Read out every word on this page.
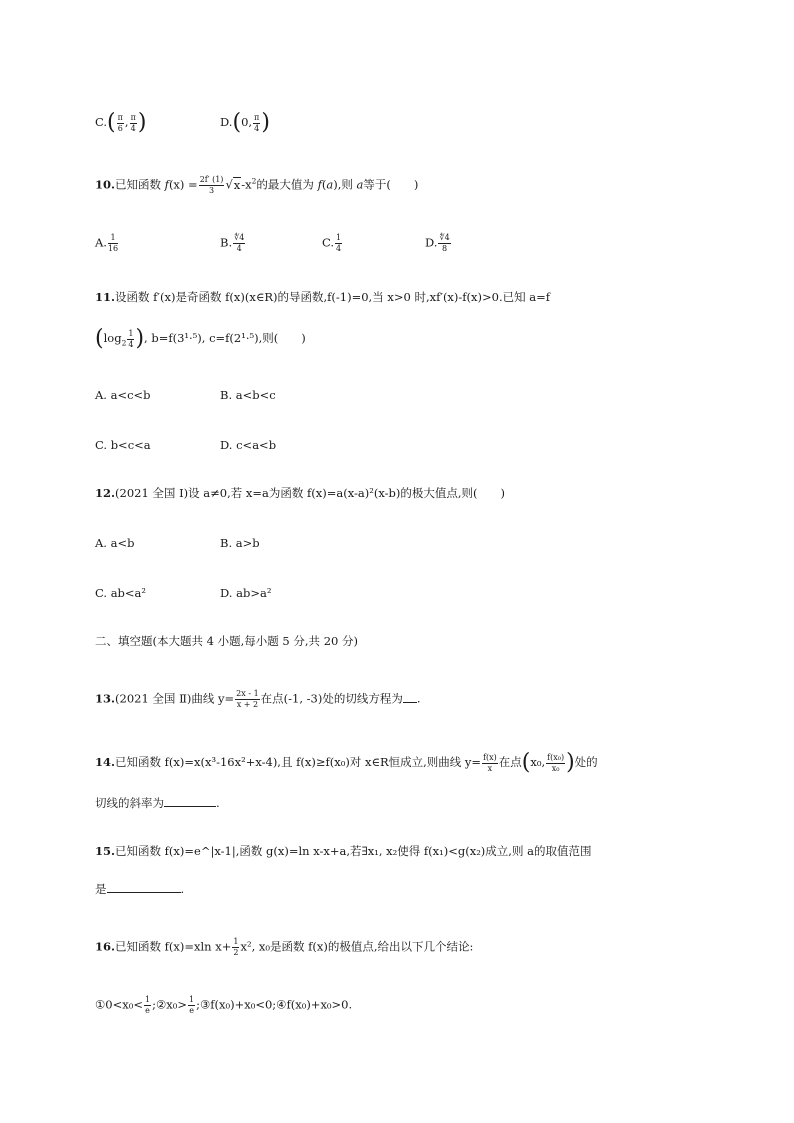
$C.( \frac{\pi}{6}$ , $\frac{\pi}{4}$ )	D.(0, $\frac{\pi}{4}$ )
10.已知函数 $f(x) = \frac{2f' (1)}{3} √x-x^2$的最大值为 f(a),则 a等于(　　)
A. $\frac{1}{16}$	B. $\frac{∜4}{4}$	C. $\frac{1}{4}$	D. $\frac{∜4}{8}$
11.设函数 f′(x)是奇函数 f(x)(x∈R)的导函数,f(-1)=0,当 x>0 时,xf′(x)-f(x)>0.已知 a=f
($\log_2 \frac{1}{4}$ ), b=f(3¹·⁵), c=f(2¹·⁵),则(　　)
A. a<c<b	B. a<b<c
C. b<c<a	D. c<a<b
12.(2021 全国 Ⅰ)设 a≠0,若 x=a为函数 f(x)=a(x-a)²(x-b)的极大值点,则(　　)
A. a<b	B. a>b
C. ab<a²	D. ab>a²
二、填空题(本大题共 4 小题,每小题 5 分,共 20 分)
13.(2021 全国 Ⅱ)曲线 $y= \frac{2x - 1}{x + 2}$ 在点(-1, -3)处的切线方程为 .
14.已知函数 f(x)=x(x³-16x²+x-4),且 f(x)≥f(x₀)对 x∈R恒成立,则曲线 $y= \frac{f(x)}{x}$ 在点(x₀, $\frac{\text{f(x₀)}}{\text{x₀}}$ )处的
切线的斜率为	.
15.已知函数 f(x)=e^|x-1|,函数 g(x)=ln x-x+a,若∃x₁, x₂使得 f(x₁)<g(x₂)成立,则 a的取值范围
是	.
16.已知函数 f(x)=xln $x+ \frac{1}{2} x^2$, x₀是函数 f(x)的极值点,给出以下几个结论:
①0<x₀< $\frac{1}{e}$ ;②x₀> $\frac{1}{e}$ ;③f(x₀)+x₀<0;④f(x₀)+x₀>0.
